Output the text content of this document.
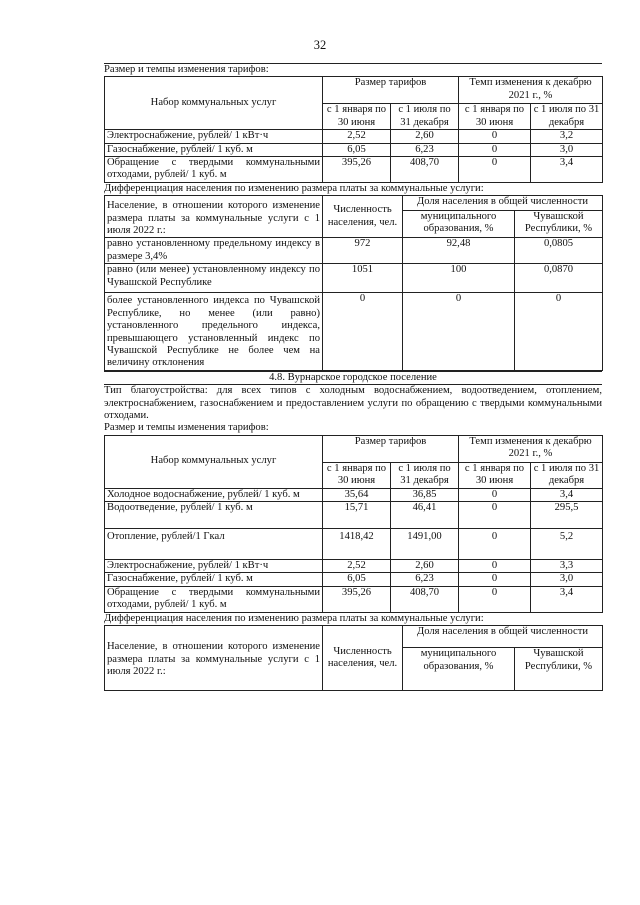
32
Размер и темпы изменения тарифов:
Набор коммунальных услуг	Размер тарифов		Темп изменения к декабрю 2021 г., %	
	с 1 января по 30 июня	с 1 июля по 31 декабря	с 1 января по 30 июня	с 1 июля по 31 декабря
Электроснабжение, рублей/ 1 кВт·ч	2,52	2,60	0	3,2
Газоснабжение, рублей/ 1 куб. м	6,05	6,23	0	3,0
Обращение с твердыми коммунальными отходами, рублей/ 1 куб. м	395,26	408,70	0	3,4
Дифференциация населения по изменению размера платы за коммунальные услуги:
Население, в отношении которого изменение размера платы за коммунальные услуги с 1 июля 2022 г.:	Численность населения, чел.	Доля населения в общей численности	
		муниципального образования, %	Чувашской Республики, %
равно установленному предельному индексу в размере 3,4%	972	92,48	0,0805
равно (или менее) установленному индексу по Чувашской Республике	1051	100	0,0870
более установленного индекса по Чувашской Республике, но менее (или равно) установленного предельного индекса, превышающего установленный индекс по Чувашской Республике не более чем на величину отклонения	0	0	0
4.8. Вурнарское городское поселение
Тип благоустройства: для всех типов с холодным водоснабжением, водоотведением, отоплением, электроснабжением, газоснабжением и предоставлением услуги по обращению с твердыми коммунальными отходами.
Размер и темпы изменения тарифов:
Набор коммунальных услуг	Размер тарифов		Темп изменения к декабрю 2021 г., %	
	с 1 января по 30 июня	с 1 июля по 31 декабря	с 1 января по 30 июня	с 1 июля по 31 декабря
Холодное водоснабжение, рублей/ 1 куб. м	35,64	36,85	0	3,4
Водоотведение, рублей/ 1 куб. м	15,71	46,41	0	295,5
Отопление, рублей/1 Гкал	1418,42	1491,00	0	5,2
Электроснабжение, рублей/ 1 кВт·ч	2,52	2,60	0	3,3
Газоснабжение, рублей/ 1 куб. м	6,05	6,23	0	3,0
Обращение с твердыми коммунальными отходами, рублей/ 1 куб. м	395,26	408,70	0	3,4
Дифференциация населения по изменению размера платы за коммунальные услуги:
Население, в отношении которого изменение размера платы за коммунальные услуги с 1 июля 2022 г.:	Численность населения, чел.	Доля населения в общей численности	
		муниципального образования, %	Чувашской Республики, %
